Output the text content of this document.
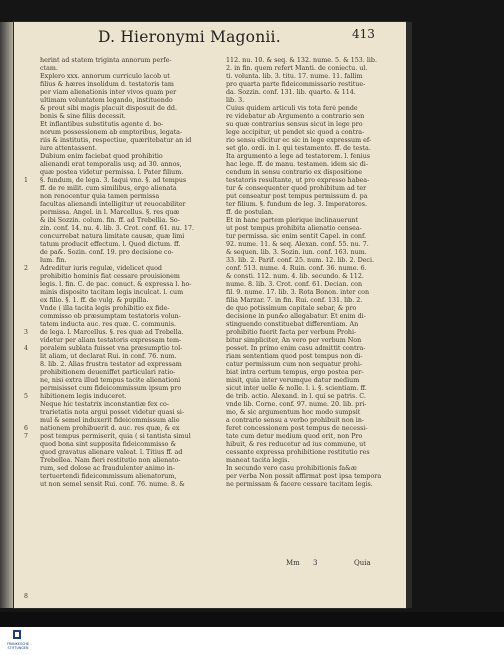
D. Hieronymi Magonii.	413
1
2
3
4
5
6
7
8
herint ad statem triginta annorum perfe-
ctam.
Explero xxx. annorum curriculo lacob ut
filius & hæres insolidum d. testatoris tam
per viam alienationis inter vivos quam per
ultimam voluntatem legando, instituendo
& prout sibi magis placuit disposuit de dd.
bonis & sine filiis decessit.
Et inflantibus substitutis agente d. bo-
norum possessionem ab emptoribus, legata-
riis & institutis, respectiue, quæritebatur an id
iure attentassent.
Dubium enim faciebat quod prohibitio
alienandi erat temporalis usq; ad 30. annos,
quæ postea videtur permissa. l. Pater filium.
§. fundum, de lega. 3. Iaqui vno. §. ad tempus
ff. de re milit. cum similibus, ergo alienata
non renocentur quia tamen permissa
facultas alienandi intelligitur ut reuocabiliter
permissa. Angel. in l. Marcellus. §. res quæ
& ibi Sozzin. colum. fin. ff. ad Trebellia. So-
zin. conf. 14. nu. 4. lib. 3. Crot. conf. 61. nu. 17.
concurrebat natura limitate causæ, quæ limi
tatum producit effectum. l. Quod dictum. ff.
de pa&. Sozin. conf. 19. pro decisione co-
lum. fin.
Adreditur iuris regulæ, videlicet quod
prohibitio hominis fiat cessare prouisionem
legis. l. fin. C. de pac. conuct. & expressa l. ho-
minis disposito tacitam legis inculcat. l. cum
ex filio. §. 1. ff. de vulg. & pupilla.
Vnde ( illa tacita legis prohibitio ex fide-
commisso ob præsumptam testatoris volun-
tatem inducta auc. res quæ. C. communis.
de lega. l. Marcellus. §. res quæ ad Trebella.
videtur per aliam testatoris expressam tem-
poralem sublata fuisset vna præsumptio tol-
lit aliam, ut declarat Rui. in conf. 76. num.
8. lib. 2. Alias frustra testator ad expressam
prohibitionem deueniffet particulari ratio-
ne, nisi extra illud tempus tacite alienationi
permisisset cum fideicommissum ipsum pro
hibitionem legis induceret.
Neque hic testatrix inconstantiæ fex co-
trarietatis nota argui posset videtur quasi si-
mul & semel induxerit fideicommissum alie
nationem prohibuerit d. auc. res quæ, & ex
post tempus permiserit, quia ( si tantista simul
quod bona sint supposita fideicommisso &
quod gravatus alienare valeat. l. Titius ff. ad
Trebellea. Nam fieri restitutio non alienato-
rum, sed dolose ac fraudulenter animo in-
tertuertendi fideicommissum alienatorum,
ut non semel sensit Rui. conf. 76. nume. 8. &
112. nu. 10. & seq. & 132. nume. 5. & 153. lib.
2. in fin. quem refert Manti. de coniectu. ul.
ti. volunta. lib. 3. titu. 17. nume. 11. fallim
pro quarta parte fideicommissario restitue-
da. Sozzin. conf. 131. lib. quarto. & 114.
lib. 3.
Cuius quidem articuli vis tota ferè pende
re videbatur ab Argumento a contrario sen
su quæ contrarius sensus sicut in lege pro
lege accipitur, ut pendet sic quod a contra-
rio sensu elicitur ec sic in lege expressum ef-
set glo. ordi. in l. qui testamento. ff. de testa.
Ita argumento a lege ad testatorem. l. fenius
hac lege. ff. de manu. testamen. idem sic di-
cendum in sensu contrario ex dispositione
testatoris resultante, ut pro expresso habea-
tur & consequenter quod prohibitum ad ter
put censeatur post tempus permissum d. pa
ter filium. §. fundum de leg. 3. Imperatores.
ff. de postulan.
Et in hanc partem plerique inclinauerunt
ut post tempus prohibita alienatio censea-
tur permissa. sic enim sentit Capel. in conf.
92. nume. 11. & seq. Alexan. conf. 55. nu. 7.
& sequen. lib. 3. Sozin. iun. conf. 163. num.
33. lib. 2. Parif. conf. 25. num. 12. lib. 2. Deci.
conf. 513. nume. 4. Ruin. conf. 36. nume. 6.
& consti. 112. num. 4. lib. secundo. & 112.
nume. 8. lib. 3. Crot. conf. 61. Decian. con
fil. 9. nume. 17. lib. 3. Rota Bonon. inter con
filia Marzar. 7. in fin. Rui. conf. 131. lib. 2.
de quo potissimum capitale sebar, & pro
decisione in pun&o allegabatur. Et enim di-
stinguendo constituebat differentiam. An
prohibitio fuerit facta per verbum Prohi-
bitur simpliciter, An vero per verbum Non
posset. In primo enim casu admittit contra-
riam sententiam quod post tempus non di-
catur permissum cum non sequatur prohi-
biat intra certum tempus, ergo postea per-
misit, quia inter verumque datur medium
sicut inter uelle & nolle. l. i. §. scientiam. ff.
de trib. actio. Alexand. in l. qui se patris. C.
vnde lib. Corne. conf. 97. nume. 20. lib. pri-
mo, & sic argumentum hoc modo sumpsit
a contrario sensu a verbo prohibuit non in-
feret concessionem post tempus de necessi-
tate cum detur medium quod erit, non Pro
hibuit, & res reducetur ad ius commune, ut
cessante expressa prohibitione restitutio res
maneat tacita legis.
In secundo vero casu prohibitionis fa&æ
per verba Non possit affirmat post ipsa tempora
ne permissam & facere cessare tacitam legis.
Mm 3	Quia
FRANKESCHE
STIFTUNGEN
